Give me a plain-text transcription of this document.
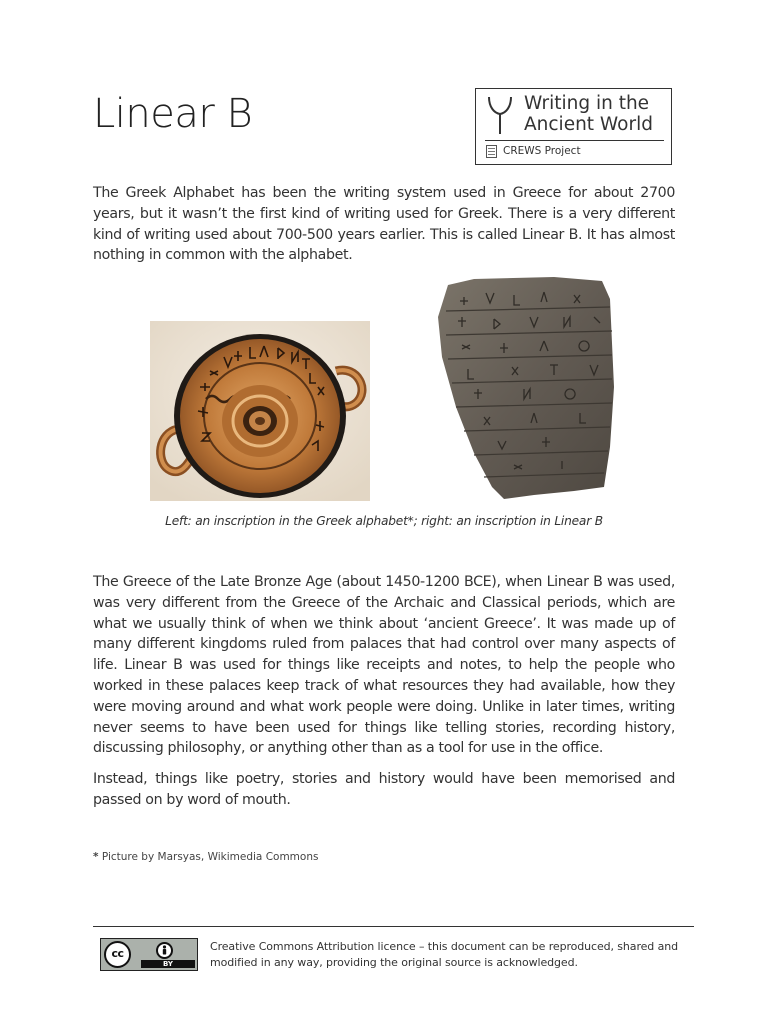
Linear B	Writing in the Ancient World
CREWS Project

The Greek Alphabet has been the writing system used in Greece for about 2700 years, but it wasn’t the first kind of writing used for Greek. There is a very different kind of writing used about 700-500 years earlier. This is called Linear B. It has almost nothing in common with the alphabet.

Left: an inscription in the Greek alphabet*; right: an inscription in Linear B

The Greece of the Late Bronze Age (about 1450-1200 BCE), when Linear B was used, was very different from the Greece of the Archaic and Classical periods, which are what we usually think of when we think about ‘ancient Greece’. It was made up of many different kingdoms ruled from palaces that had control over many aspects of life. Linear B was used for things like receipts and notes, to help the people who worked in these palaces keep track of what resources they had available, how they were moving around and what work people were doing. Unlike in later times, writing never seems to have been used for things like telling stories, recording history, discussing philosophy, or anything other than as a tool for use in the office.

Instead, things like poetry, stories and history would have been memorised and passed on by word of mouth.

* Picture by Marsyas, Wikimedia Commons

cc
BY

Creative Commons Attribution licence – this document can be reproduced, shared and modified in any way, providing the original source is acknowledged.
